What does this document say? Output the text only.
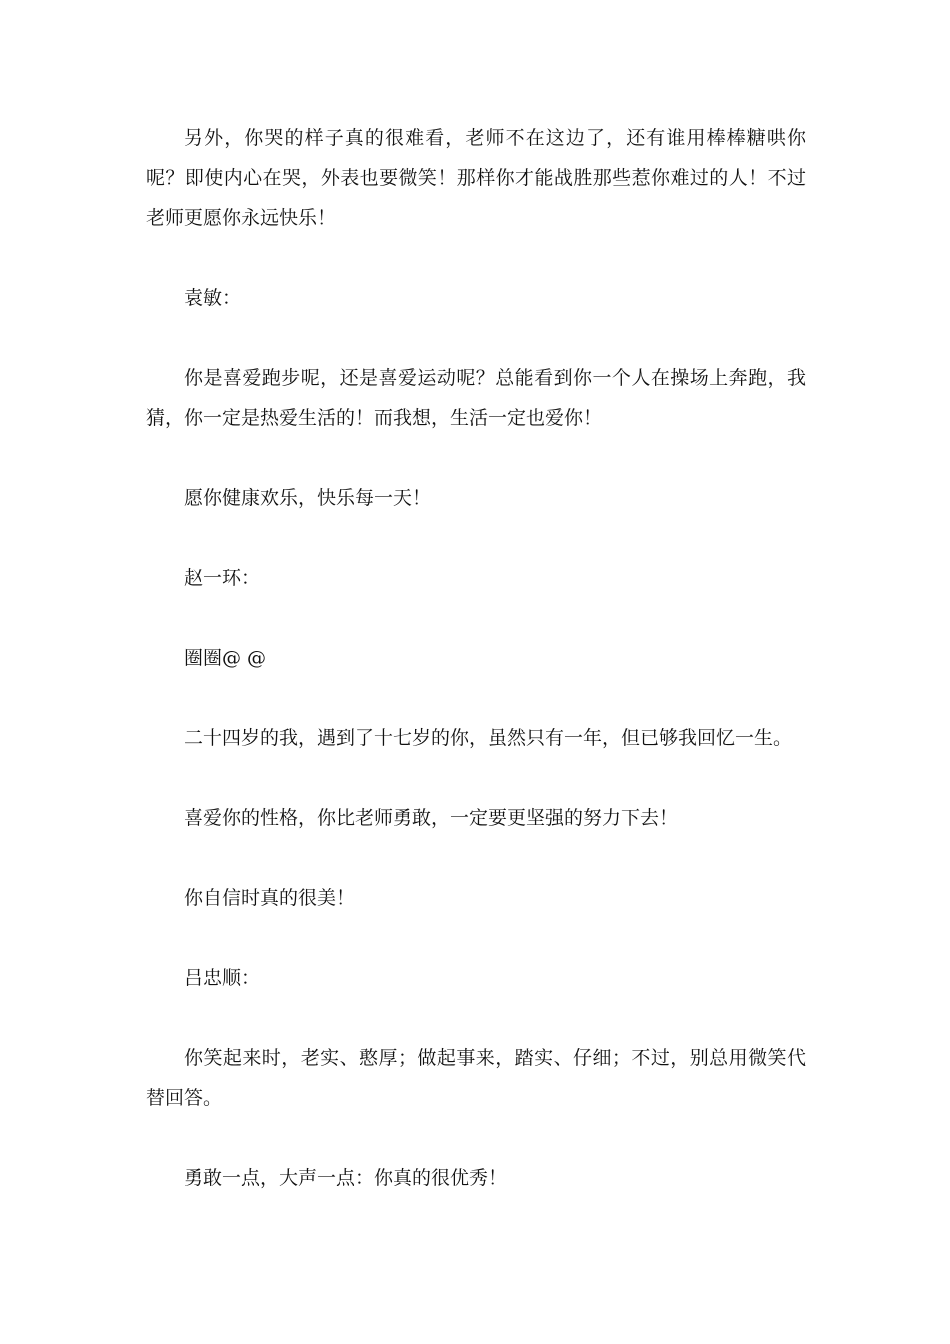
另外，你哭的样子真的很难看，老师不在这边了，还有谁用棒棒糖哄你呢？即使内心在哭，外表也要微笑！那样你才能战胜那些惹你难过的人！不过老师更愿你永远快乐！

袁敏：

你是喜爱跑步呢，还是喜爱运动呢？总能看到你一个人在操场上奔跑，我猜，你一定是热爱生活的！而我想，生活一定也爱你！

愿你健康欢乐，快乐每一天！

赵一环：

圈圈@ @

二十四岁的我，遇到了十七岁的你，虽然只有一年，但已够我回忆一生。

喜爱你的性格，你比老师勇敢，一定要更坚强的努力下去！

你自信时真的很美！

吕忠顺：

你笑起来时，老实、憨厚；做起事来，踏实、仔细；不过，别总用微笑代替回答。

勇敢一点，大声一点：你真的很优秀！
